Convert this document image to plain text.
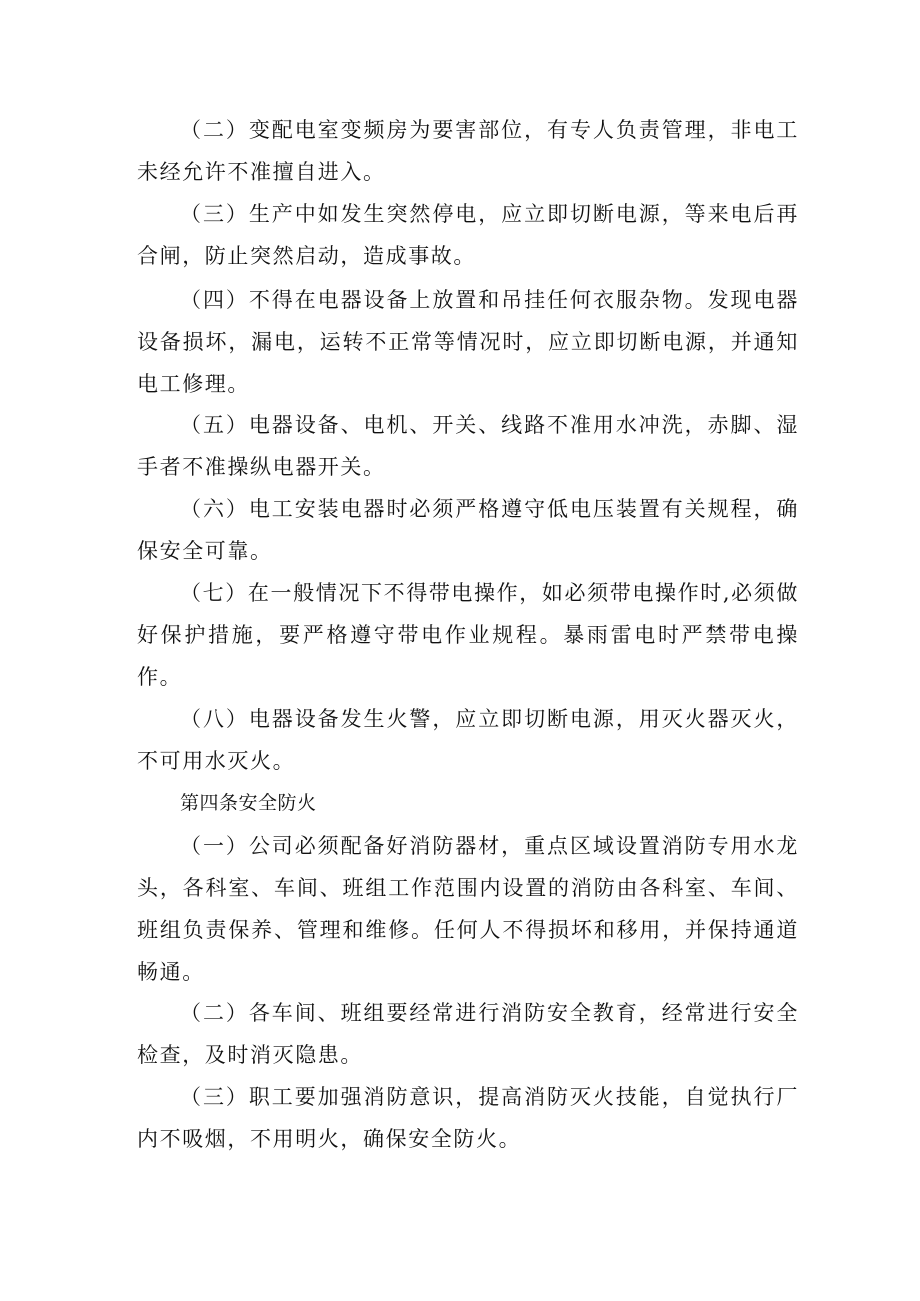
（二）变配电室变频房为要害部位，有专人负责管理，非电工未经允许不准擅自进入。

（三）生产中如发生突然停电，应立即切断电源，等来电后再合闸，防止突然启动，造成事故。

（四）不得在电器设备上放置和吊挂任何衣服杂物。发现电器设备损坏，漏电，运转不正常等情况时，应立即切断电源，并通知电工修理。

（五）电器设备、电机、开关、线路不准用水冲洗，赤脚、湿手者不准操纵电器开关。

（六）电工安装电器时必须严格遵守低电压装置有关规程，确保安全可靠。

（七）在一般情况下不得带电操作，如必须带电操作时,必须做好保护措施，要严格遵守带电作业规程。暴雨雷电时严禁带电操作。

（八）电器设备发生火警，应立即切断电源，用灭火器灭火，不可用水灭火。

第四条安全防火

（一）公司必须配备好消防器材，重点区域设置消防专用水龙头，各科室、车间、班组工作范围内设置的消防由各科室、车间、班组负责保养、管理和维修。任何人不得损坏和移用，并保持通道畅通。

（二）各车间、班组要经常进行消防安全教育，经常进行安全检查，及时消灭隐患。

（三）职工要加强消防意识，提高消防灭火技能，自觉执行厂内不吸烟，不用明火，确保安全防火。
